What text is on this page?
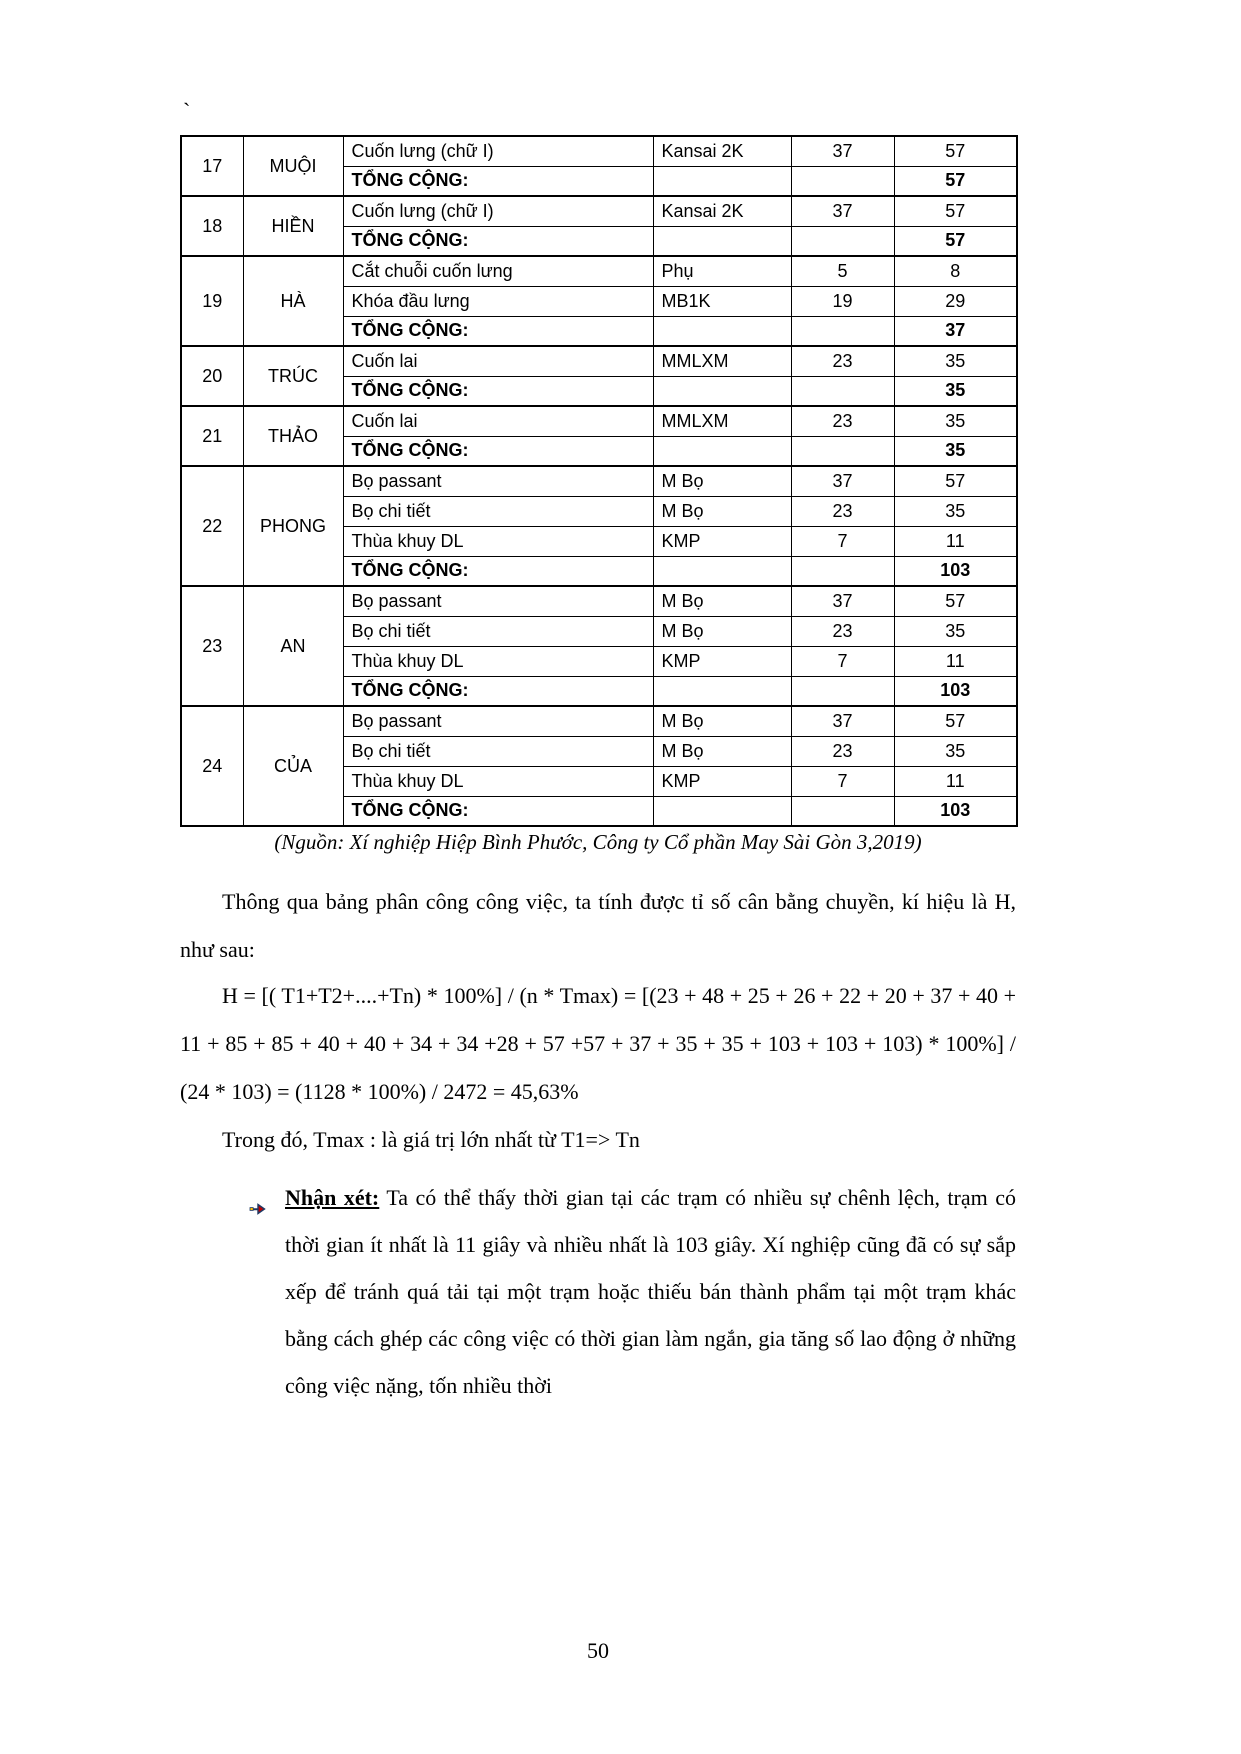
`
17	MUỘI	Cuốn lưng (chữ I)	Kansai 2K	37	57
		TỔNG CỘNG:			57
18	HIỀN	Cuốn lưng (chữ I)	Kansai 2K	37	57
		TỔNG CỘNG:			57
19	HÀ	Cắt chuỗi cuốn lưng	Phụ	5	8
		Khóa đầu lưng	MB1K	19	29
		TỔNG CỘNG:			37
20	TRÚC	Cuốn lai	MMLXM	23	35
		TỔNG CỘNG:			35
21	THẢO	Cuốn lai	MMLXM	23	35
		TỔNG CỘNG:			35
22	PHONG	Bọ passant	M Bọ	37	57
		Bọ chi tiết	M Bọ	23	35
		Thùa khuy DL	KMP	7	11
		TỔNG CỘNG:			103
23	AN	Bọ passant	M Bọ	37	57
		Bọ chi tiết	M Bọ	23	35
		Thùa khuy DL	KMP	7	11
		TỔNG CỘNG:			103
24	CỦA	Bọ passant	M Bọ	37	57
		Bọ chi tiết	M Bọ	23	35
		Thùa khuy DL	KMP	7	11
		TỔNG CỘNG:			103
(Nguồn: Xí nghiệp Hiệp Bình Phước, Công ty Cổ phần May Sài Gòn 3,2019)
Thông qua bảng phân công công việc, ta tính được tỉ số cân bằng chuyền, kí hiệu là H, như sau:
H = [( T1+T2+....+Tn) * 100%] / (n * Tmax) = [(23 + 48 + 25 + 26 + 22 + 20 + 37 + 40 + 11 + 85 + 85 + 40 + 40 + 34 + 34 +28 + 57 +57 + 37 + 35 + 35 + 103 + 103 + 103) * 100%] / (24 * 103) = (1128 * 100%) / 2472 = 45,63%
Trong đó, Tmax : là giá trị lớn nhất từ T1=> Tn
Nhận xét: Ta có thể thấy thời gian tại các trạm có nhiều sự chênh lệch, trạm có thời gian ít nhất là 11 giây và nhiều nhất là 103 giây. Xí nghiệp cũng đã có sự sắp xếp để tránh quá tải tại một trạm hoặc thiếu bán thành phẩm tại một trạm khác bằng cách ghép các công việc có thời gian làm ngắn, gia tăng số lao động ở những công việc nặng, tốn nhiều thời
50
